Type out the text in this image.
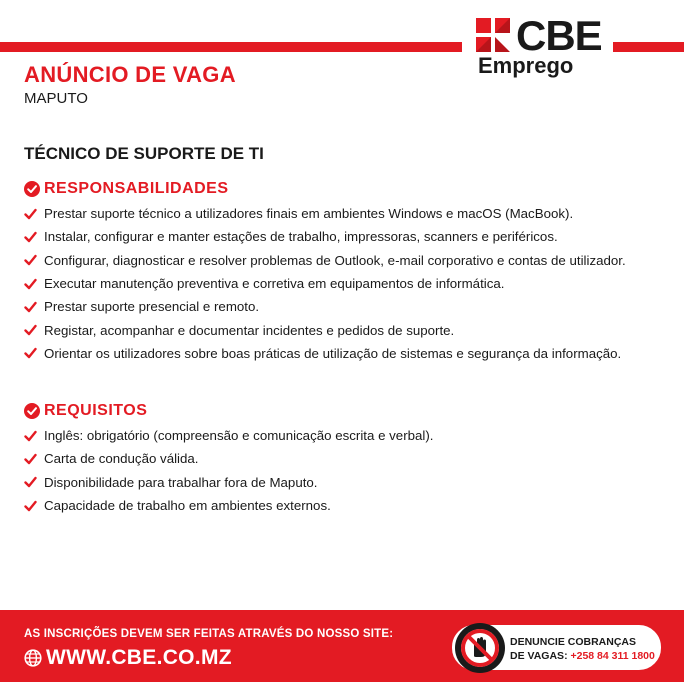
CBE
Emprego
ANÚNCIO DE VAGA
MAPUTO
TÉCNICO DE SUPORTE DE TI
RESPONSABILIDADES
Prestar suporte técnico a utilizadores finais em ambientes Windows e macOS (MacBook).
Instalar, configurar e manter estações de trabalho, impressoras, scanners e periféricos.
Configurar, diagnosticar e resolver problemas de Outlook, e-mail corporativo e contas de utilizador.
Executar manutenção preventiva e corretiva em equipamentos de informática.
Prestar suporte presencial e remoto.
Registar, acompanhar e documentar incidentes e pedidos de suporte.
Orientar os utilizadores sobre boas práticas de utilização de sistemas e segurança da informação.
REQUISITOS
Inglês: obrigatório (compreensão e comunicação escrita e verbal).
Carta de condução válida.
Disponibilidade para trabalhar fora de Maputo.
Capacidade de trabalho em ambientes externos.
AS INSCRIÇÕES DEVEM SER FEITAS ATRAVÉS DO NOSSO SITE:
WWW.CBE.CO.MZ
DENUNCIE COBRANÇAS
DE VAGAS: +258 84 311 1800
